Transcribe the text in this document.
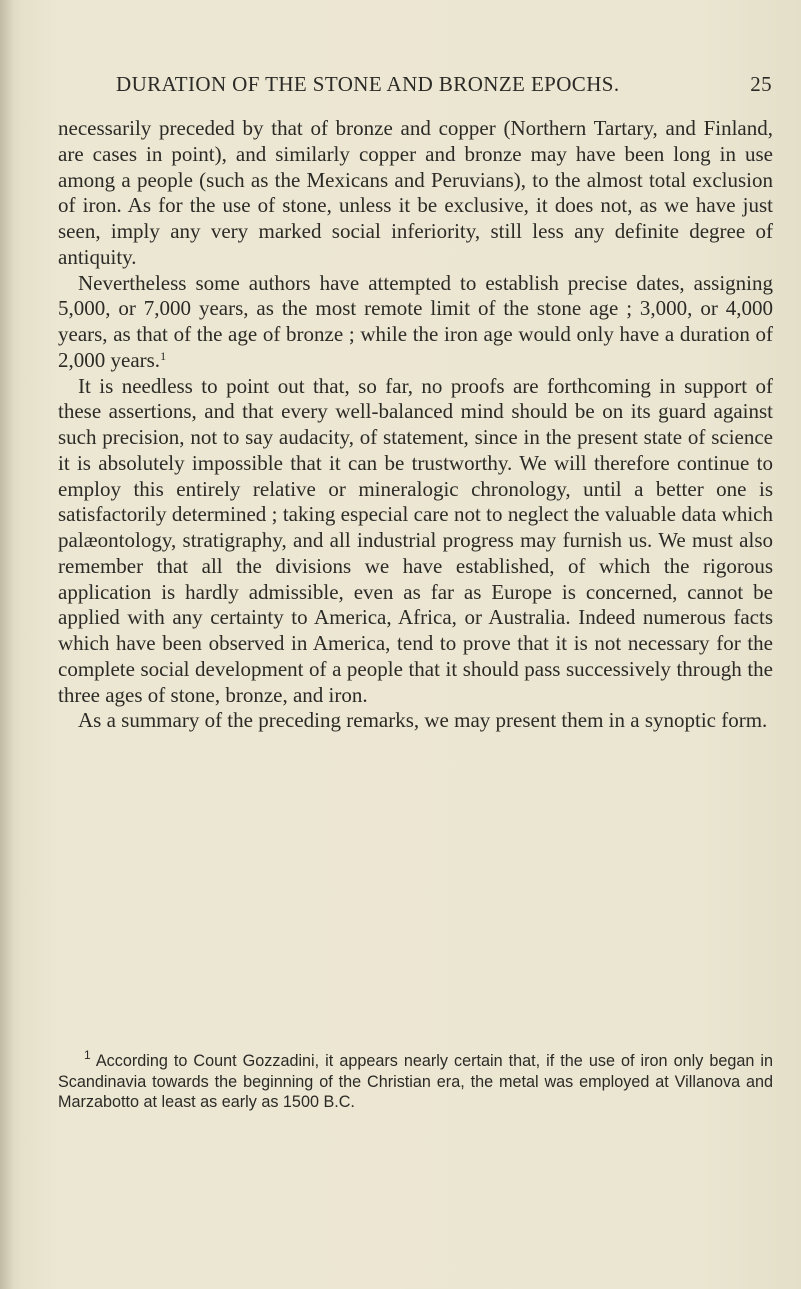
DURATION OF THE STONE AND BRONZE EPOCHS.	25

necessarily preceded by that of bronze and copper (Northern Tartary, and Finland, are cases in point), and similarly copper and bronze may have been long in use among a people (such as the Mexicans and Peruvians), to the almost total exclusion of iron. As for the use of stone, unless it be exclusive, it does not, as we have just seen, imply any very marked social inferiority, still less any definite degree of antiquity.

Nevertheless some authors have attempted to establish precise dates, assigning 5,000, or 7,000 years, as the most remote limit of the stone age ; 3,000, or 4,000 years, as that of the age of bronze ; while the iron age would only have a duration of 2,000 years.$^1$

It is needless to point out that, so far, no proofs are forthcoming in support of these assertions, and that every well-balanced mind should be on its guard against such precision, not to say audacity, of statement, since in the present state of science it is absolutely impossible that it can be trustworthy. We will therefore continue to employ this entirely relative or mineralogic chronology, until a better one is satisfactorily determined ; taking especial care not to neglect the valuable data which palæontology, stratigraphy, and all industrial progress may furnish us. We must also remember that all the divisions we have established, of which the rigorous application is hardly admissible, even as far as Europe is concerned, cannot be applied with any certainty to America, Africa, or Australia. Indeed numerous facts which have been observed in America, tend to prove that it is not necessary for the complete social development of a people that it should pass successively through the three ages of stone, bronze, and iron.

As a summary of the preceding remarks, we may present them in a synoptic form.

$^1$ According to Count Gozzadini, it appears nearly certain that, if the use of iron only began in Scandinavia towards the beginning of the Christian era, the metal was employed at Villanova and Marzabotto at least as early as 1500 B.C.
